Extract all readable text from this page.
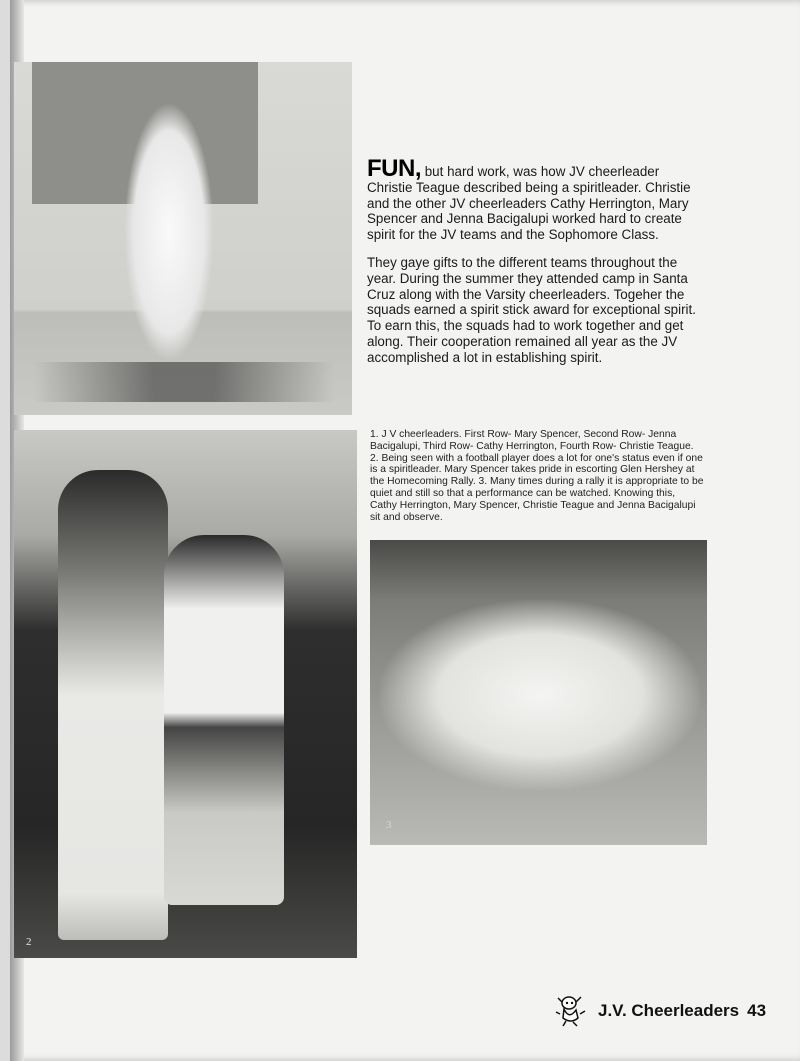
FUN, but hard work, was how JV cheerleader Christie Teague described being a spiritleader. Christie and the other JV cheerleaders Cathy Herrington, Mary Spencer and Jenna Bacigalupi worked hard to create spirit for the JV teams and the Sophomore Class.

They gaye gifts to the different teams throughout the year. During the summer they attended camp in Santa Cruz along with the Varsity cheerleaders. Togeher the squads earned a spirit stick award for exceptional spirit. To earn this, the squads had to work together and get along. Their cooperation remained all year as the JV accomplished a lot in establishing spirit.

1. J V cheerleaders. First Row- Mary Spencer, Second Row- Jenna Bacigalupi, Third Row- Cathy Herrington, Fourth Row- Christie Teague. 2. Being seen with a football player does a lot for one's status even if one is a spiritleader. Mary Spencer takes pride in escorting Glen Hershey at the Homecoming Rally. 3. Many times during a rally it is appropriate to be quiet and still so that a performance can be watched. Knowing this, Cathy Herrington, Mary Spencer, Christie Teague and Jenna Bacigalupi sit and observe.

2
3
J.V. Cheerleaders 43
